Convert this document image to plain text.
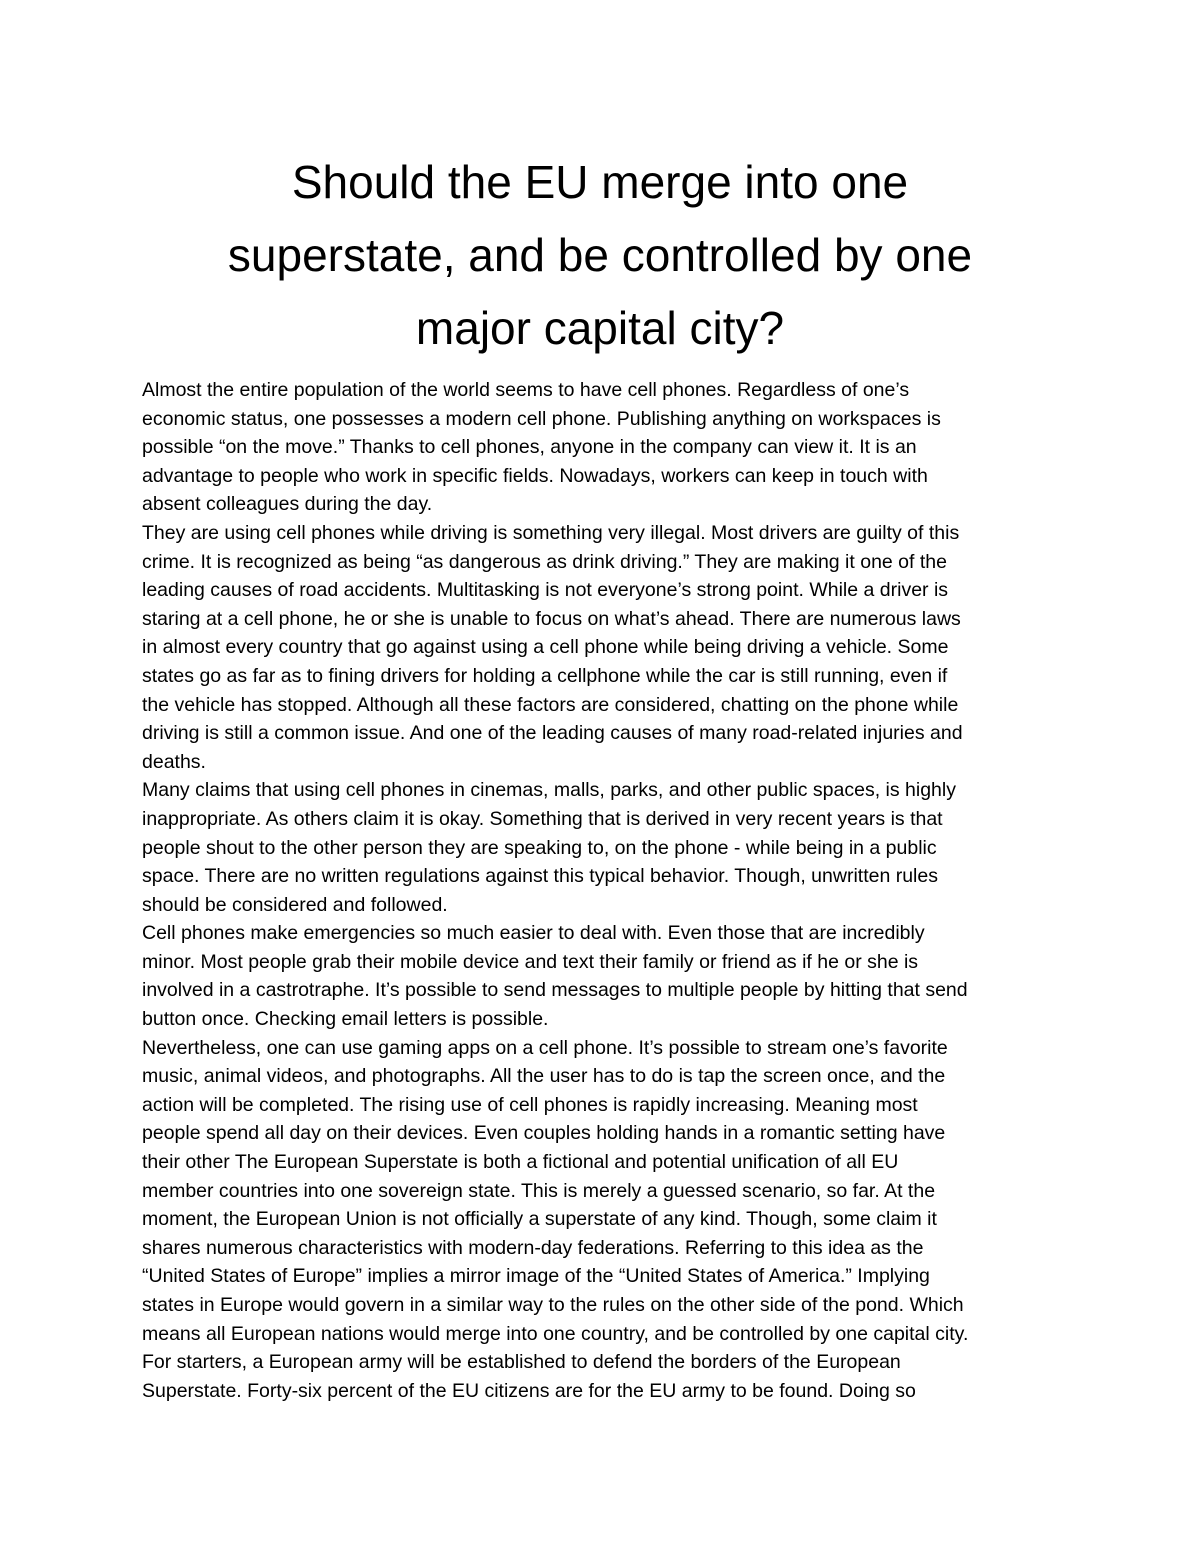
Should the EU merge into one
superstate, and be controlled by one
major capital city?
Almost the entire population of the world seems to have cell phones. Regardless of one’s
economic status, one possesses a modern cell phone. Publishing anything on workspaces is
possible “on the move.” Thanks to cell phones, anyone in the company can view it. It is an
advantage to people who work in specific fields. Nowadays, workers can keep in touch with
absent colleagues during the day.
They are using cell phones while driving is something very illegal. Most drivers are guilty of this
crime. It is recognized as being “as dangerous as drink driving.” They are making it one of the
leading causes of road accidents. Multitasking is not everyone’s strong point. While a driver is
staring at a cell phone, he or she is unable to focus on what’s ahead. There are numerous laws
in almost every country that go against using a cell phone while being driving a vehicle. Some
states go as far as to fining drivers for holding a cellphone while the car is still running, even if
the vehicle has stopped. Although all these factors are considered, chatting on the phone while
driving is still a common issue. And one of the leading causes of many road-related injuries and
deaths.
Many claims that using cell phones in cinemas, malls, parks, and other public spaces, is highly
inappropriate. As others claim it is okay. Something that is derived in very recent years is that
people shout to the other person they are speaking to, on the phone - while being in a public
space. There are no written regulations against this typical behavior. Though, unwritten rules
should be considered and followed.
Cell phones make emergencies so much easier to deal with. Even those that are incredibly
minor. Most people grab their mobile device and text their family or friend as if he or she is
involved in a castrotraphe. It’s possible to send messages to multiple people by hitting that send
button once. Checking email letters is possible.
Nevertheless, one can use gaming apps on a cell phone. It’s possible to stream one’s favorite
music, animal videos, and photographs. All the user has to do is tap the screen once, and the
action will be completed. The rising use of cell phones is rapidly increasing. Meaning most
people spend all day on their devices. Even couples holding hands in a romantic setting have
their other The European Superstate is both a fictional and potential unification of all EU
member countries into one sovereign state. This is merely a guessed scenario, so far. At the
moment, the European Union is not officially a superstate of any kind. Though, some claim it
shares numerous characteristics with modern-day federations. Referring to this idea as the
“United States of Europe” implies a mirror image of the “United States of America.” Implying
states in Europe would govern in a similar way to the rules on the other side of the pond. Which
means all European nations would merge into one country, and be controlled by one capital city.
For starters, a European army will be established to defend the borders of the European
Superstate. Forty-six percent of the EU citizens are for the EU army to be found. Doing so
